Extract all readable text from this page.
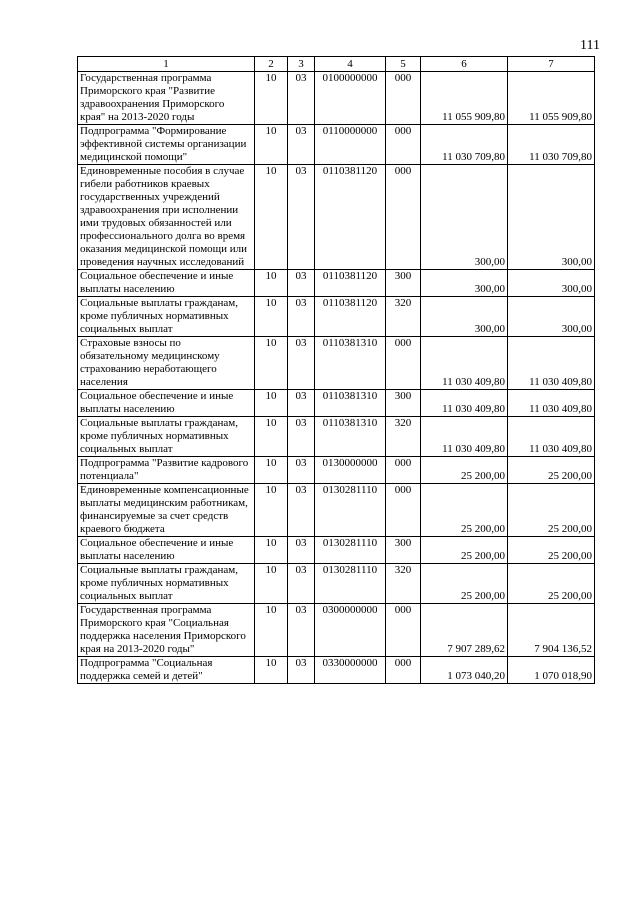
111
1	2	3	4	5	6	7
Государственная программа Приморского края "Развитие здравоохранения Приморского края" на 2013-2020 годы	10	03	0100000000	000	11 055 909,80	11 055 909,80
Подпрограмма "Формирование эффективной системы организации медицинской помощи"	10	03	0110000000	000	11 030 709,80	11 030 709,80
Единовременные пособия в случае гибели работников краевых государственных учреждений здравоохранения при исполнении ими трудовых обязанностей или профессионального долга во время оказания медицинской помощи или проведения научных исследований	10	03	0110381120	000	300,00	300,00
Социальное обеспечение и иные выплаты населению	10	03	0110381120	300	300,00	300,00
Социальные выплаты гражданам, кроме публичных нормативных социальных выплат	10	03	0110381120	320	300,00	300,00
Страховые взносы по обязательному медицинскому страхованию неработающего населения	10	03	0110381310	000	11 030 409,80	11 030 409,80
Социальное обеспечение и иные выплаты населению	10	03	0110381310	300	11 030 409,80	11 030 409,80
Социальные выплаты гражданам, кроме публичных нормативных социальных выплат	10	03	0110381310	320	11 030 409,80	11 030 409,80
Подпрограмма "Развитие кадрового потенциала"	10	03	0130000000	000	25 200,00	25 200,00
Единовременные компенсационные выплаты медицинским работникам, финансируемые за счет средств краевого бюджета	10	03	0130281110	000	25 200,00	25 200,00
Социальное обеспечение и иные выплаты населению	10	03	0130281110	300	25 200,00	25 200,00
Социальные выплаты гражданам, кроме публичных нормативных социальных выплат	10	03	0130281110	320	25 200,00	25 200,00
Государственная программа Приморского края "Социальная поддержка населения Приморского края на 2013-2020 годы"	10	03	0300000000	000	7 907 289,62	7 904 136,52
Подпрограмма "Социальная поддержка семей и детей"	10	03	0330000000	000	1 073 040,20	1 070 018,90
